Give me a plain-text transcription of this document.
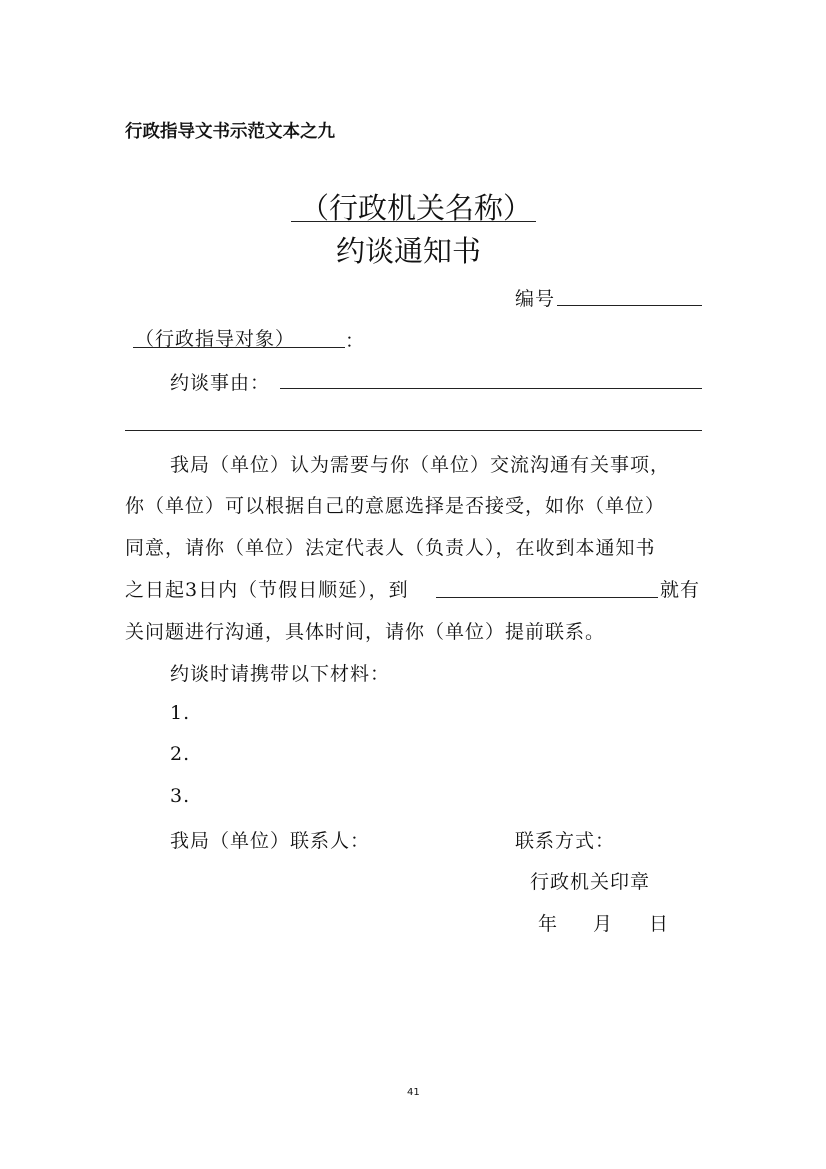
行政指导文书示范文本之九
（行政机关名称）
约谈通知书
编号
（行政指导对象）	：
约谈事由：
我局（单位）认为需要与你（单位）交流沟通有关事项，
你（单位）可以根据自己的意愿选择是否接受，如你（单位）
同意，请你（单位）法定代表人（负责人），在收到本通知书
之日起3日内（节假日顺延），到	就有
关问题进行沟通，具体时间，请你（单位）提前联系。
约谈时请携带以下材料：
1.
2.
3.
我局（单位）联系人：	联系方式：
行政机关印章
年 月 日
41
